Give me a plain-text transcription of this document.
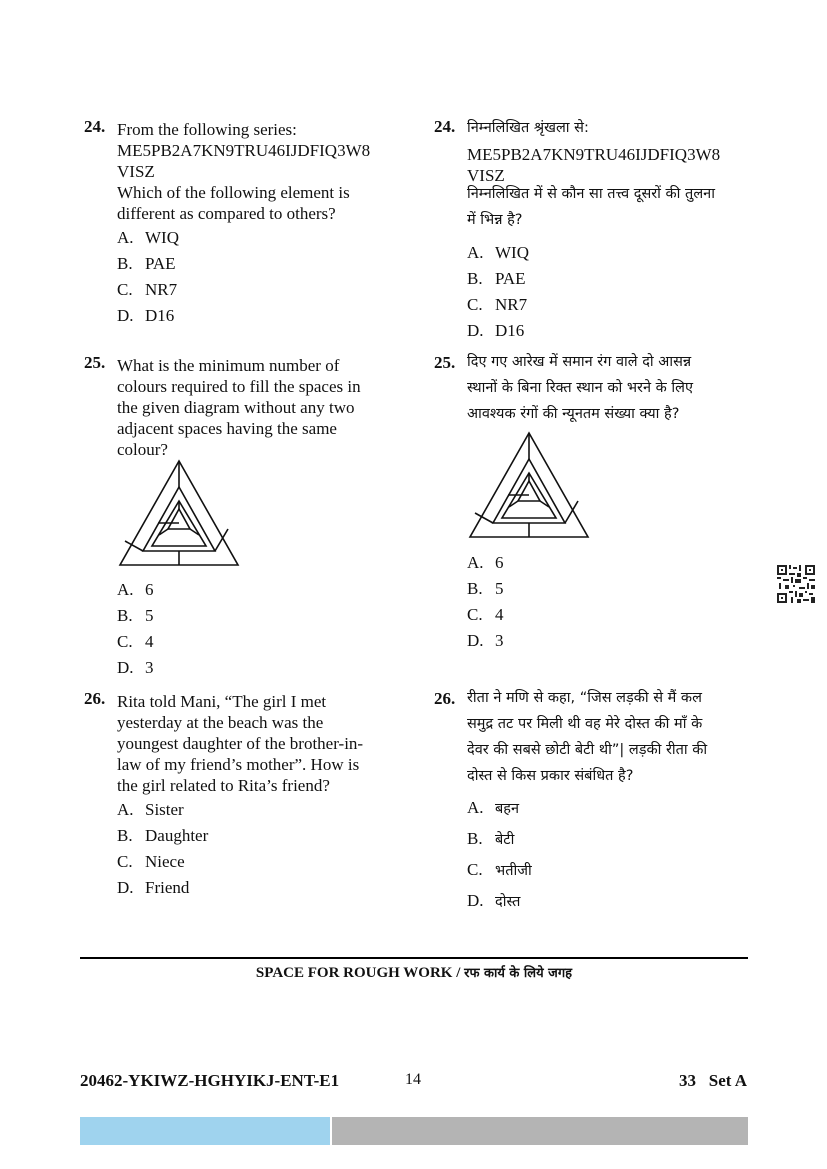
24. From the following series:
ME5PB2A7KN9TRU46IJDFIQ3W8
VISZ
Which of the following element is
different as compared to others?
A. WIQ
B. PAE
C. NR7
D. D16
25. What is the minimum number of
colours required to fill the spaces in
the given diagram without any two
adjacent spaces having the same
colour?
A. 6
B. 5
C. 4
D. 3
26. Rita told Mani, “The girl I met
yesterday at the beach was the
youngest daughter of the brother-in-
law of my friend’s mother”. How is
the girl related to Rita’s friend?
A. Sister
B. Daughter
C. Niece
D. Friend
24. निम्नलिखित श्रृंखला से:
ME5PB2A7KN9TRU46IJDFIQ3W8
VISZ
निम्नलिखित में से कौन सा तत्त्व दूसरों की तुलना
में भिन्न है?
A. WIQ
B. PAE
C. NR7
D. D16
25. दिए गए आरेख में समान रंग वाले दो आसन्न
स्थानों के बिना रिक्त स्थान को भरने के लिए
आवश्यक रंगों की न्यूनतम संख्या क्या है?
A. 6
B. 5
C. 4
D. 3
26. रीता ने मणि से कहा, “जिस लड़की से मैं कल
समुद्र तट पर मिली थी वह मेरे दोस्त की माँ के
देवर की सबसे छोटी बेटी थी”| लड़की रीता की
दोस्त से किस प्रकार संबंधित है?
A. बहन
B. बेटी
C. भतीजी
D. दोस्त
SPACE FOR ROUGH WORK / रफ कार्य के लिये जगह
20462-YKIWZ-HGHYIKJ-ENT-E1	14	33   Set A
